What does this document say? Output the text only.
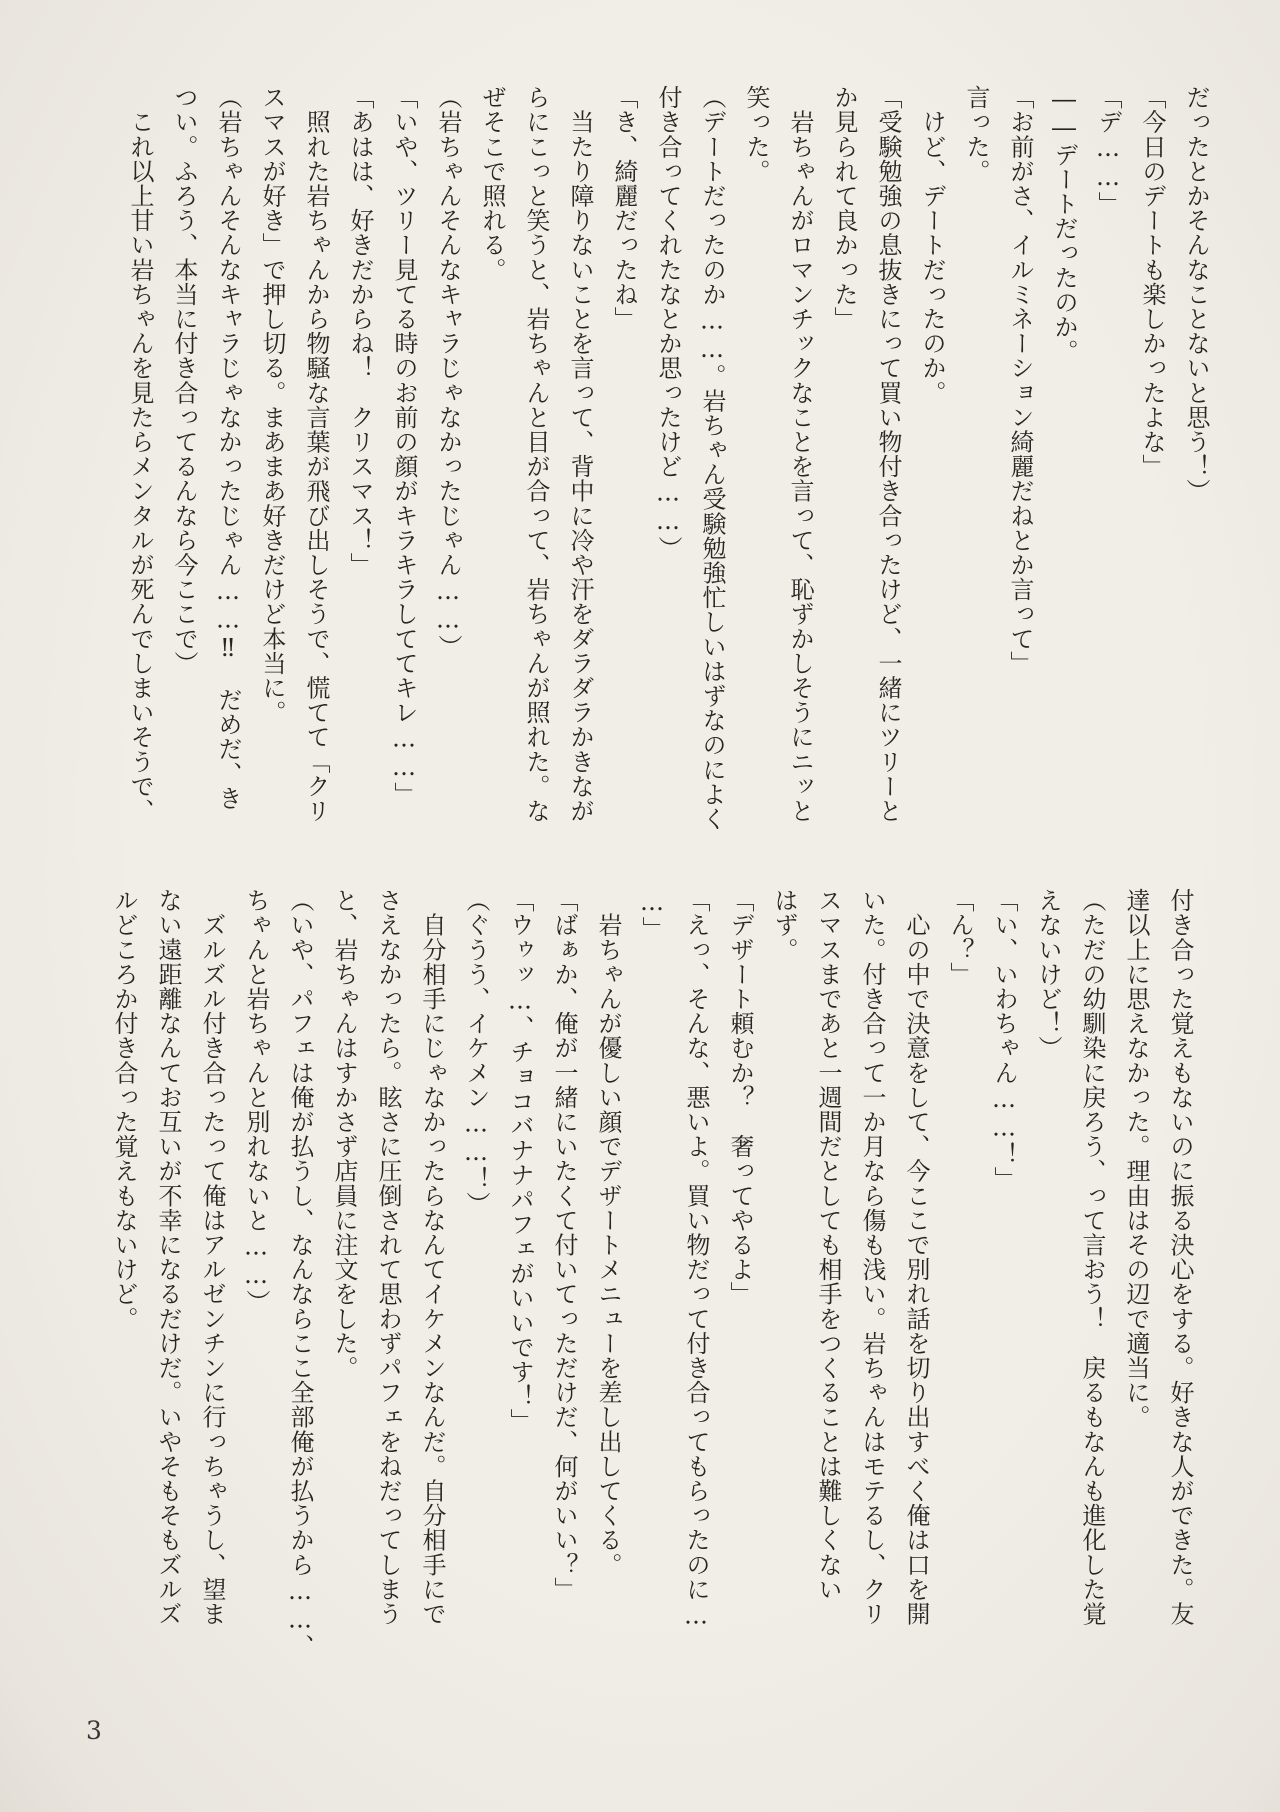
だったとかそんなことないと思う！）

「今日のデートも楽しかったよな」

「デ……」

――デートだったのか。

「お前がさ、イルミネーション綺麗だねとか言って」

言った。

　けど、デートだったのか。

「受験勉強の息抜きにって買い物付き合ったけど、一緒にツリーと

か見られて良かった」

　岩ちゃんがロマンチックなことを言って、恥ずかしそうにニッと

笑った。

（デートだったのか……。岩ちゃん受験勉強忙しいはずなのによく

付き合ってくれたなとか思ったけど……）

「き、綺麗だったね」

　当たり障りないことを言って、背中に冷や汗をダラダラかきなが

らにこっと笑うと、岩ちゃんと目が合って、岩ちゃんが照れた。な

ぜそこで照れる。

（岩ちゃんそんなキャラじゃなかったじゃん……）

「いや、ツリー見てる時のお前の顔がキラキラしててキレ……」

「あはは、好きだからね！　クリスマス！」

　照れた岩ちゃんから物騒な言葉が飛び出しそうで、慌てて「クリ

スマスが好き」で押し切る。まあまあ好きだけど本当に。

（岩ちゃんそんなキャラじゃなかったじゃん……‼　だめだ、き

つい。ふろう、本当に付き合ってるんなら今ここで）

　これ以上甘い岩ちゃんを見たらメンタルが死んでしまいそうで、

付き合った覚えもないのに振る決心をする。好きな人ができた。友

達以上に思えなかった。理由はその辺で適当に。

（ただの幼馴染に戻ろう、って言おう！　戻るもなんも進化した覚

えないけど！）

「い、いわちゃん……！」

「ん？」

　心の中で決意をして、今ここで別れ話を切り出すべく俺は口を開

いた。付き合って一か月なら傷も浅い。岩ちゃんはモテるし、クリ

スマスまであと一週間だとしても相手をつくることは難しくない

はず。

「デザート頼むか？　奢ってやるよ」

「えっ、そんな、悪いよ。買い物だって付き合ってもらったのに…

…」

　岩ちゃんが優しい顔でデザートメニューを差し出してくる。

「ばぁか、俺が一緒にいたくて付いてっただけだ、何がいい？」

「ウゥッ…、チョコバナナパフェがいいです！」

（ぐうう、イケメン……！）

　自分相手にじゃなかったらなんてイケメンなんだ。自分相手にで

さえなかったら。眩さに圧倒されて思わずパフェをねだってしまう

と、岩ちゃんはすかさず店員に注文をした。

（いや、パフェは俺が払うし、なんならここ全部俺が払うから……、

ちゃんと岩ちゃんと別れないと……）

　ズルズル付き合ったって俺はアルゼンチンに行っちゃうし、望ま

ない遠距離なんてお互いが不幸になるだけだ。いやそもそもズルズ

ルどころか付き合った覚えもないけど。

3
